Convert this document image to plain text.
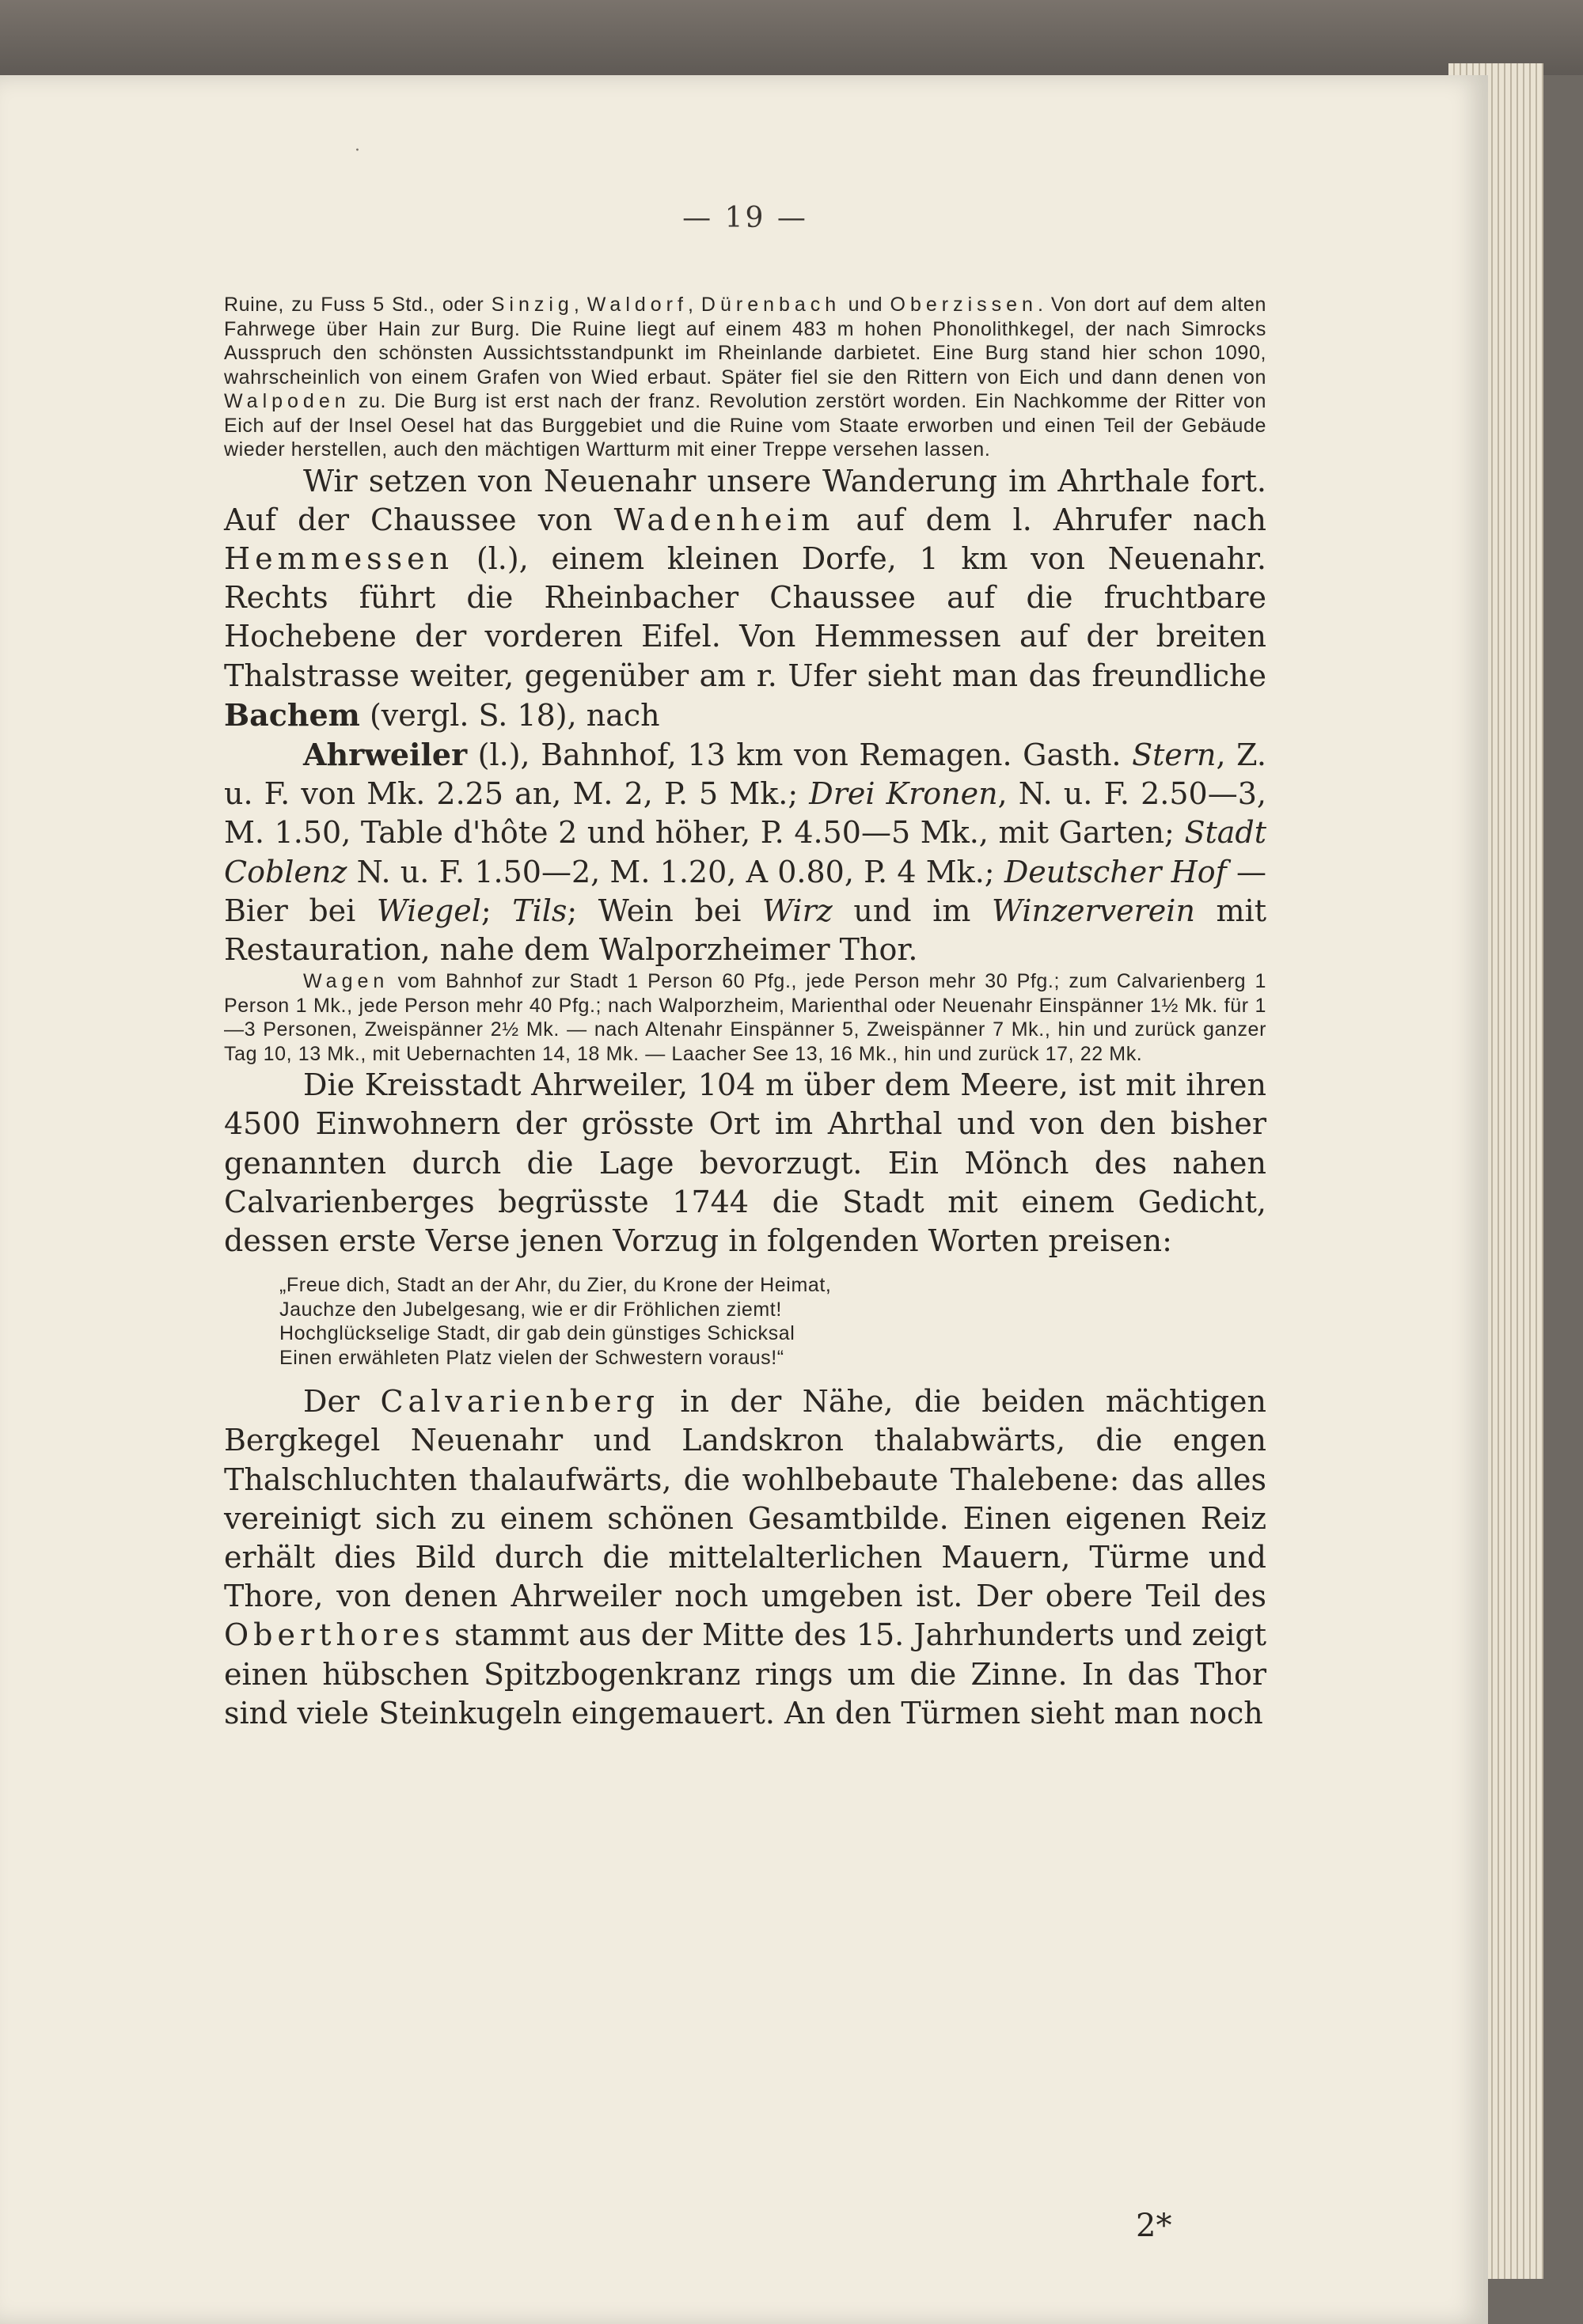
·
— 19 —

Ruine, zu Fuss 5 Std., oder Sinzig, Waldorf, Dürenbach und Oberzissen. Von dort auf dem alten Fahrwege über Hain zur Burg. Die Ruine liegt auf einem 483 m hohen Phonolithkegel, der nach Simrocks Ausspruch den schönsten Aussichtsstandpunkt im Rheinlande darbietet. Eine Burg stand hier schon 1090, wahrscheinlich von einem Grafen von Wied erbaut. Später fiel sie den Rittern von Eich und dann denen von Walpoden zu. Die Burg ist erst nach der franz. Revolution zerstört worden. Ein Nachkomme der Ritter von Eich auf der Insel Oesel hat das Burggebiet und die Ruine vom Staate erworben und einen Teil der Gebäude wieder herstellen, auch den mächtigen Wartturm mit einer Treppe versehen lassen.

Wir setzen von Neuenahr unsere Wanderung im Ahrthale fort. Auf der Chaussee von Wadenheim auf dem l. Ahrufer nach Hemmessen (l.), einem kleinen Dorfe, 1 km von Neuenahr. Rechts führt die Rheinbacher Chaussee auf die fruchtbare Hochebene der vorderen Eifel. Von Hemmessen auf der breiten Thalstrasse weiter, gegenüber am r. Ufer sieht man das freundliche Bachem (vergl. S. 18), nach

Ahrweiler (l.), Bahnhof, 13 km von Remagen. Gasth. Stern, Z. u. F. von Mk. 2.25 an, M. 2, P. 5 Mk.; Drei Kronen, N. u. F. 2.50—3, M. 1.50, Table d'hôte 2 und höher, P. 4.50—5 Mk., mit Garten; Stadt Coblenz N. u. F. 1.50—2, M. 1.20, A 0.80, P. 4 Mk.; Deutscher Hof — Bier bei Wiegel; Tils; Wein bei Wirz und im Winzerverein mit Restauration, nahe dem Walporzheimer Thor.

Wagen vom Bahnhof zur Stadt 1 Person 60 Pfg., jede Person mehr 30 Pfg.; zum Calvarienberg 1 Person 1 Mk., jede Person mehr 40 Pfg.; nach Walporzheim, Marienthal oder Neuenahr Einspänner 1½ Mk. für 1—3 Personen, Zweispänner 2½ Mk. — nach Altenahr Einspänner 5, Zweispänner 7 Mk., hin und zurück ganzer Tag 10, 13 Mk., mit Uebernachten 14, 18 Mk. — Laacher See 13, 16 Mk., hin und zurück 17, 22 Mk.

Die Kreisstadt Ahrweiler, 104 m über dem Meere, ist mit ihren 4500 Einwohnern der grösste Ort im Ahrthal und von den bisher genannten durch die Lage bevorzugt. Ein Mönch des nahen Calvarienberges begrüsste 1744 die Stadt mit einem Gedicht, dessen erste Verse jenen Vorzug in folgenden Worten preisen:

„Freue dich, Stadt an der Ahr, du Zier, du Krone der Heimat,
Jauchze den Jubelgesang, wie er dir Fröhlichen ziemt!
Hochglückselige Stadt, dir gab dein günstiges Schicksal
Einen erwähleten Platz vielen der Schwestern voraus!“

Der Calvarienberg in der Nähe, die beiden mächtigen Bergkegel Neuenahr und Landskron thalabwärts, die engen Thalschluchten thalaufwärts, die wohlbebaute Thalebene: das alles vereinigt sich zu einem schönen Gesamtbilde. Einen eigenen Reiz erhält dies Bild durch die mittelalterlichen Mauern, Türme und Thore, von denen Ahrweiler noch umgeben ist. Der obere Teil des Oberthores stammt aus der Mitte des 15. Jahrhunderts und zeigt einen hübschen Spitzbogenkranz rings um die Zinne. In das Thor sind viele Steinkugeln eingemauert. An den Türmen sieht man noch

2*
